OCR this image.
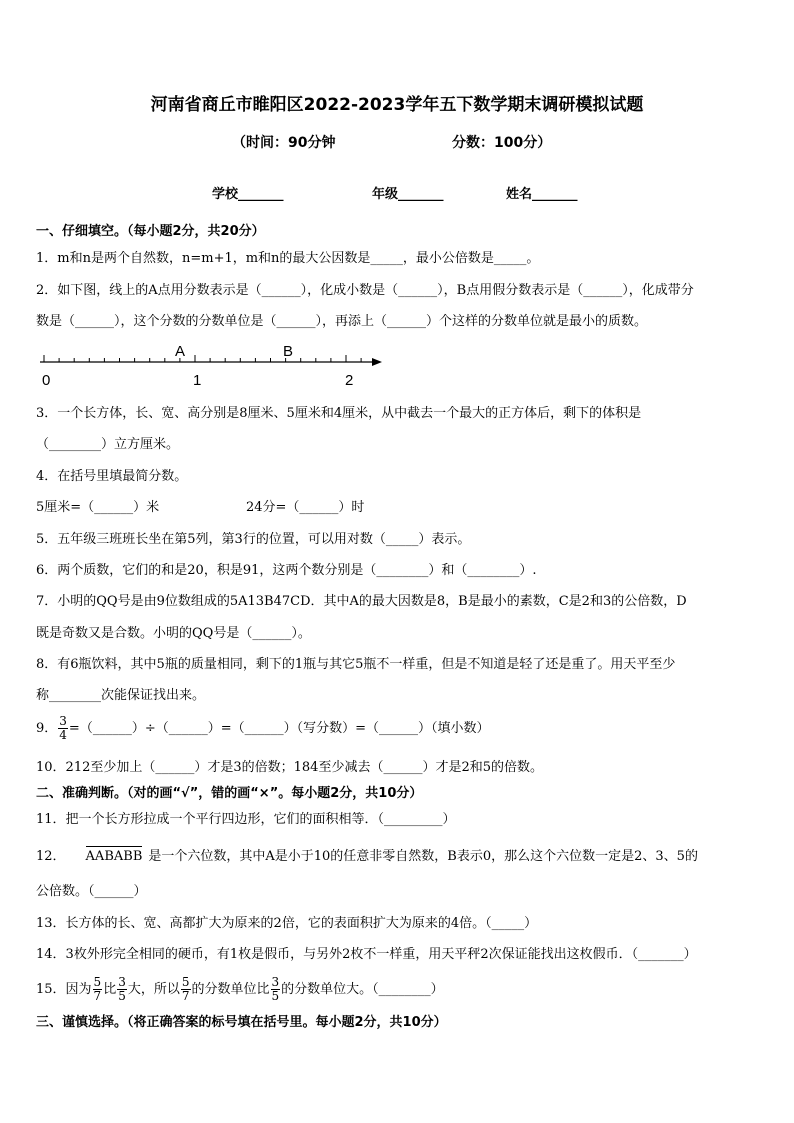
河南省商丘市睢阳区2022-2023学年五下数学期末调研模拟试题
（时间：90分钟	分数：100分）
学校_______	年级_______	姓名_______
一、仔细填空。（每小题2分，共20分）
1．m和n是两个自然数，n=m+1，m和n的最大公因数是_____，最小公倍数是_____。
2．如下图，线上的A点用分数表示是（______），化成小数是（______），B点用假分数表示是（______），化成带分
数是（______），这个分数的分数单位是（______），再添上（______）个这样的分数单位就是最小的质数。
A	B
0	1	2
3．一个长方体，长、宽、高分别是8厘米、5厘米和4厘米，从中截去一个最大的正方体后，剩下的体积是
（________）立方厘米。
4．在括号里填最简分数。
5厘米=（______）米	24分=（______）时
5．五年级三班班长坐在第5列，第3行的位置，可以用对数（_____）表示。
6．两个质数，它们的和是20，积是91，这两个数分别是（________）和（________）.
7．小明的QQ号是由9位数组成的5A13B47CD．其中A的最大因数是8，B是最小的素数，C是2和3的公倍数，D
既是奇数又是合数。小明的QQ号是（______）。
8．有6瓶饮料，其中5瓶的质量相同，剩下的1瓶与其它5瓶不一样重，但是不知道是轻了还是重了。用天平至少
称________次能保证找出来。
9． $\frac{3}{4}$ =（______）÷（______）=（______）（写分数）=（______）（填小数）
10．212至少加上（______）才是3的倍数；184至少减去（______）才是2和5的倍数。
二、准确判断。（对的画“√”，错的画“×”。每小题2分，共10分）
11．把一个长方形拉成一个平行四边形，它们的面积相等．（_________）
12． AABABB 是一个六位数，其中A是小于10的任意非零自然数，B表示0，那么这个六位数一定是2、3、5的
公倍数。（______）
13．长方体的长、宽、高都扩大为原来的2倍，它的表面积扩大为原来的4倍。（_____）
14．3枚外形完全相同的硬币，有1枚是假币，与另外2枚不一样重，用天平秤2次保证能找出这枚假币．（_______）
15．因为 $\frac{5}{7}$ 比 $\frac{3}{5}$ 大，所以 $\frac{5}{7}$ 的分数单位比 $\frac{3}{5}$ 的分数单位大。（________）
三、谨慎选择。（将正确答案的标号填在括号里。每小题2分，共10分）
